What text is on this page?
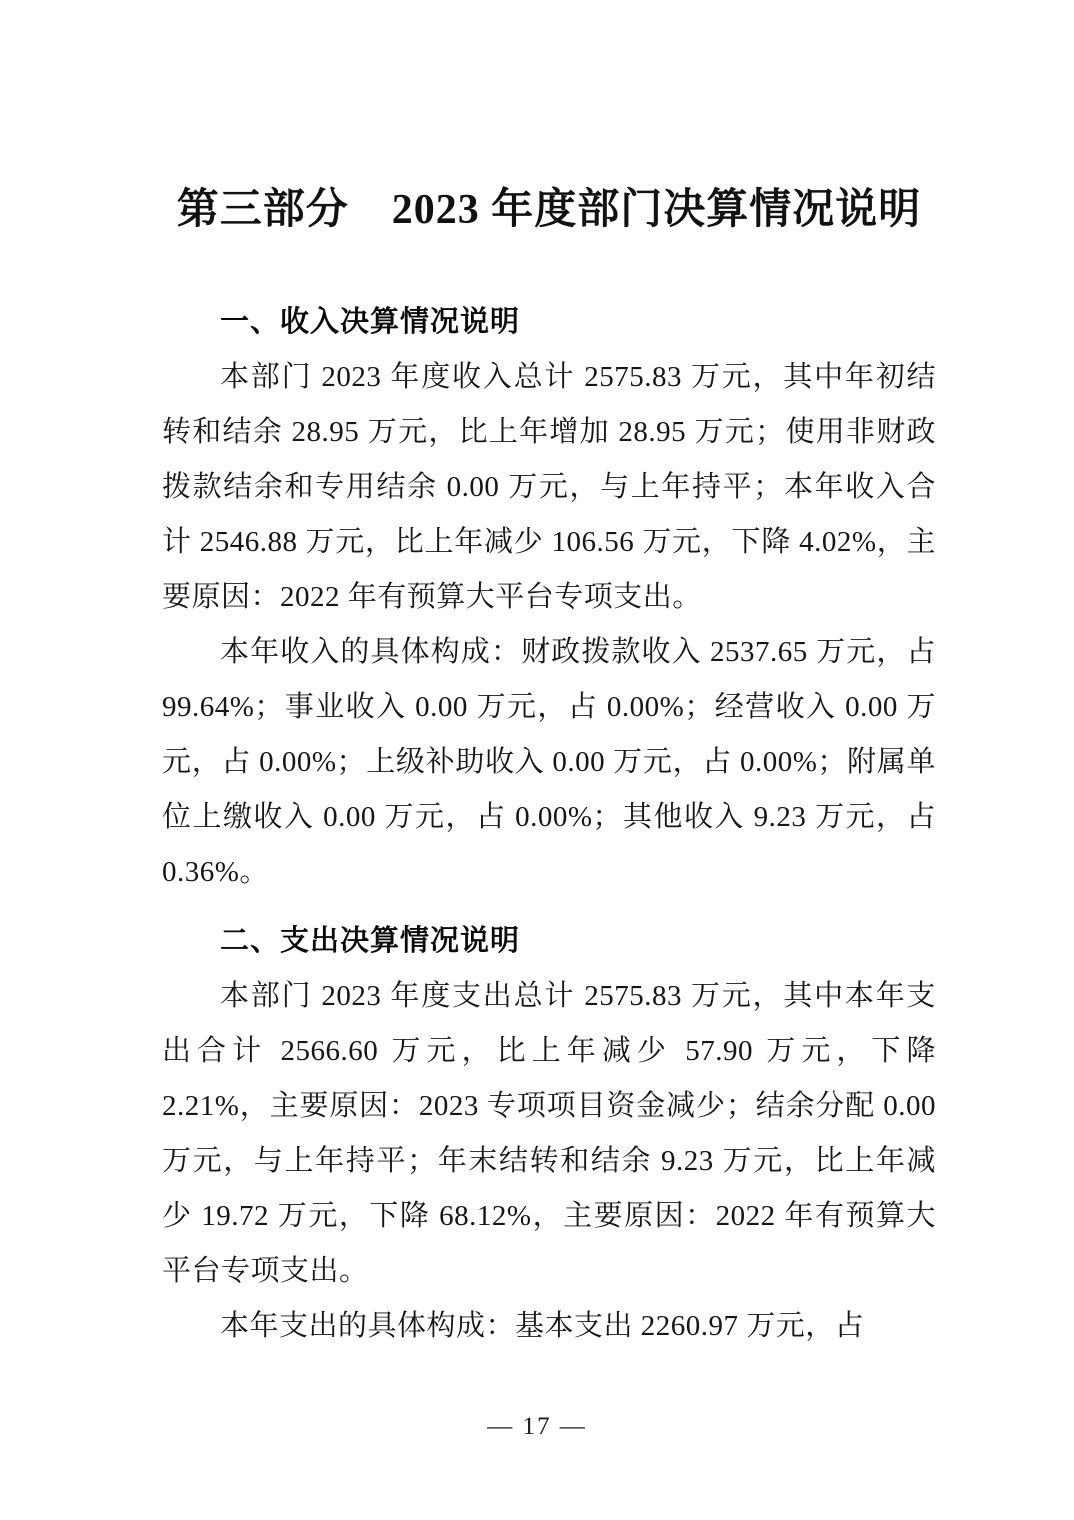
第三部分　2023 年度部门决算情况说明
一、收入决算情况说明

本部门 2023 年度收入总计 2575.83 万元，其中年初结转和结余 28.95 万元，比上年增加 28.95 万元；使用非财政拨款结余和专用结余 0.00 万元，与上年持平；本年收入合计 2546.88 万元，比上年减少 106.56 万元，下降 4.02%，主要原因：2022 年有预算大平台专项支出。

本年收入的具体构成：财政拨款收入 2537.65 万元，占 99.64%；事业收入 0.00 万元，占 0.00%；经营收入 0.00 万元，占 0.00%；上级补助收入 0.00 万元，占 0.00%；附属单位上缴收入 0.00 万元，占 0.00%；其他收入 9.23 万元，占 0.36%。

二、支出决算情况说明

本部门 2023 年度支出总计 2575.83 万元，其中本年支出合计 2566.60 万元，比上年减少 57.90 万元，下降 2.21%，主要原因：2023 专项项目资金减少；结余分配 0.00 万元，与上年持平；年末结转和结余 9.23 万元，比上年减少 19.72 万元，下降 68.12%，主要原因：2022 年有预算大平台专项支出。

本年支出的具体构成：基本支出 2260.97 万元，占

— 17 —
